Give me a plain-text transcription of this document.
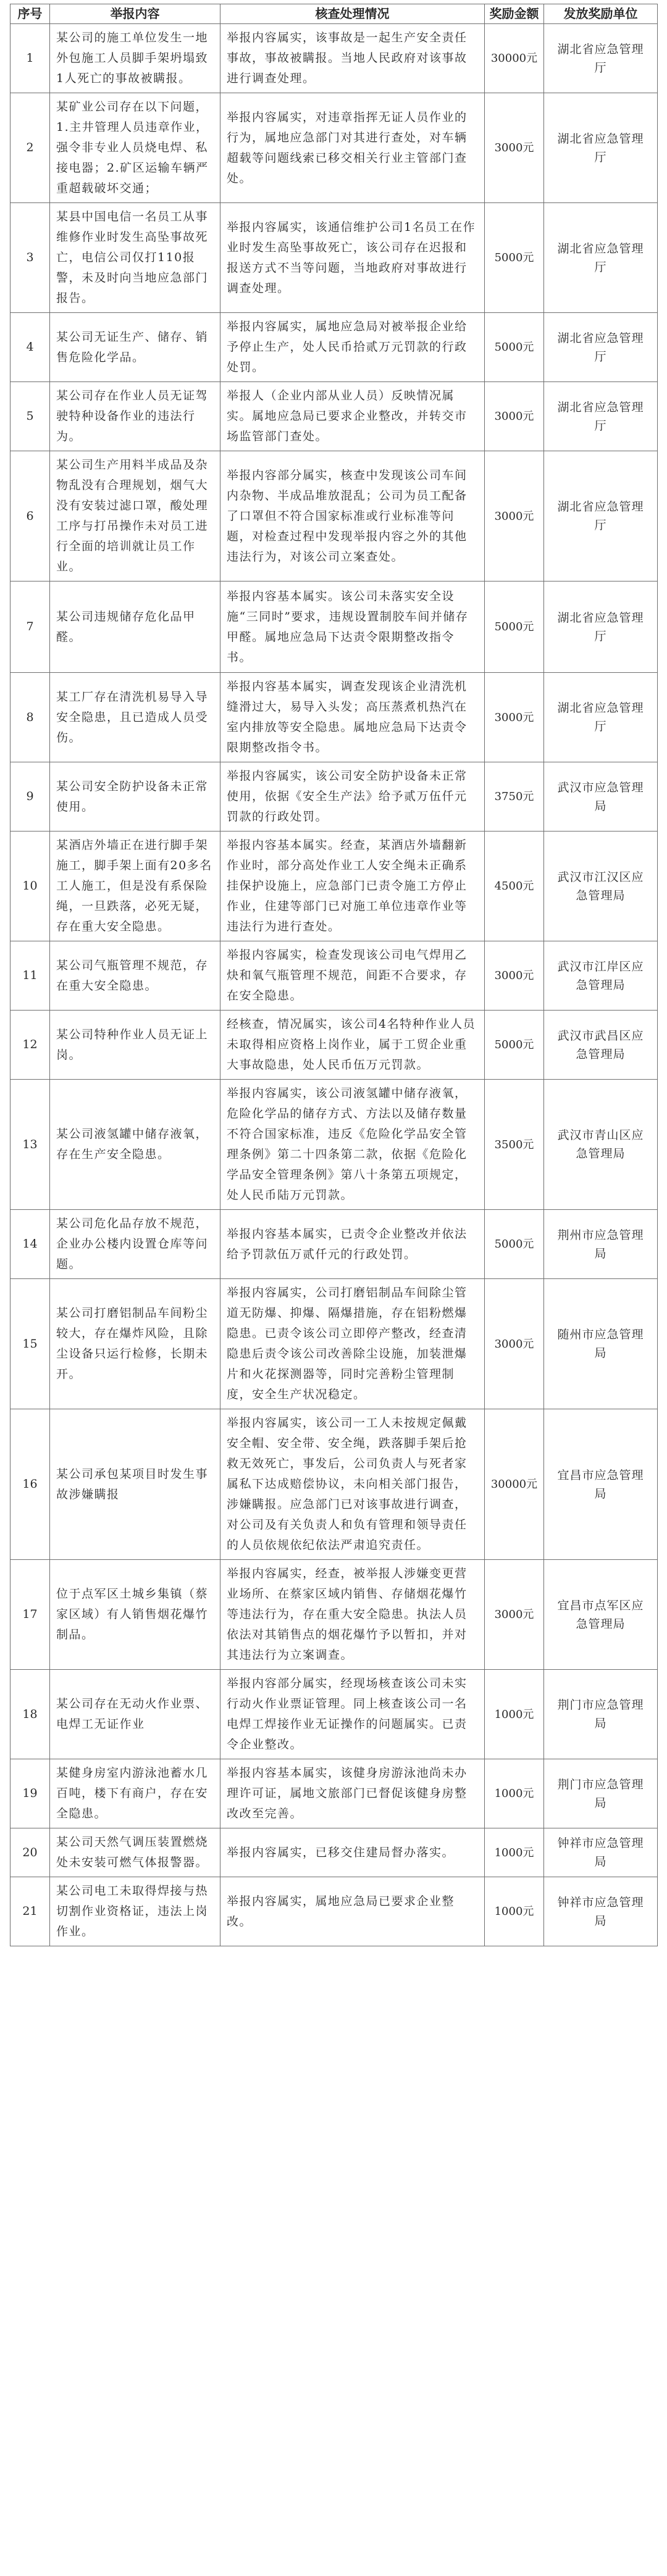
序号	举报内容	核查处理情况	奖励金额	发放奖励单位
1	某公司的施工单位发生一地外包施工人员脚手架坍塌致1人死亡的事故被瞒报。	举报内容属实，该事故是一起生产安全责任事故，事故被瞒报。当地人民政府对该事故进行调查处理。	30000元	湖北省应急管理厅
2	某矿业公司存在以下问题，1.主井管理人员违章作业，强令非专业人员烧电焊、私接电器；2.矿区运输车辆严重超载破坏交通；	举报内容属实，对违章指挥无证人员作业的行为，属地应急部门对其进行查处，对车辆超载等问题线索已移交相关行业主管部门查处。	3000元	湖北省应急管理厅
3	某县中国电信一名员工从事维修作业时发生高坠事故死亡，电信公司仅打110报警，未及时向当地应急部门报告。	举报内容属实，该通信维护公司1名员工在作业时发生高坠事故死亡，该公司存在迟报和报送方式不当等问题，当地政府对事故进行调查处理。	5000元	湖北省应急管理厅
4	某公司无证生产、储存、销售危险化学品。	举报内容属实，属地应急局对被举报企业给予停止生产，处人民币拾贰万元罚款的行政处罚。	5000元	湖北省应急管理厅
5	某公司存在作业人员无证驾驶特种设备作业的违法行为。	举报人（企业内部从业人员）反映情况属实。属地应急局已要求企业整改，并转交市场监管部门查处。	3000元	湖北省应急管理厅
6	某公司生产用料半成品及杂物乱没有合理规划，烟气大没有安装过滤口罩，酸处理工序与打吊操作未对员工进行全面的培训就让员工作业。	举报内容部分属实，核查中发现该公司车间内杂物、半成品堆放混乱；公司为员工配备了口罩但不符合国家标准或行业标准等问题，对检查过程中发现举报内容之外的其他违法行为，对该公司立案查处。	3000元	湖北省应急管理厅
7	某公司违规储存危化品甲醛。	举报内容基本属实。该公司未落实安全设施“三同时”要求，违规设置制胶车间并储存甲醛。属地应急局下达责令限期整改指令书。	5000元	湖北省应急管理厅
8	某工厂存在清洗机易导入导安全隐患，且已造成人员受伤。	举报内容基本属实，调查发现该企业清洗机缝滑过大，易导入头发；高压蒸煮机热汽在室内排放等安全隐患。属地应急局下达责令限期整改指令书。	3000元	湖北省应急管理厅
9	某公司安全防护设备未正常使用。	举报内容属实，该公司安全防护设备未正常使用，依据《安全生产法》给予贰万伍仟元罚款的行政处罚。	3750元	武汉市应急管理局
10	某酒店外墙正在进行脚手架施工，脚手架上面有20多名工人施工，但是没有系保险绳，一旦跌落，必死无疑，存在重大安全隐患。	举报内容基本属实。经查，某酒店外墙翻新作业时，部分高处作业工人安全绳未正确系挂保护设施上，应急部门已责令施工方停止作业，住建等部门已对施工单位违章作业等违法行为进行查处。	4500元	武汉市江汉区应急管理局
11	某公司气瓶管理不规范，存在重大安全隐患。	举报内容属实，检查发现该公司电气焊用乙炔和氧气瓶管理不规范，间距不合要求，存在安全隐患。	3000元	武汉市江岸区应急管理局
12	某公司特种作业人员无证上岗。	经核查，情况属实，该公司4名特种作业人员未取得相应资格上岗作业，属于工贸企业重大事故隐患，处人民币伍万元罚款。	5000元	武汉市武昌区应急管理局
13	某公司液氢罐中储存液氧，存在生产安全隐患。	举报内容属实，该公司液氢罐中储存液氧，危险化学品的储存方式、方法以及储存数量不符合国家标准，违反《危险化学品安全管理条例》第二十四条第二款，依据《危险化学品安全管理条例》第八十条第五项规定，处人民币陆万元罚款。	3500元	武汉市青山区应急管理局
14	某公司危化品存放不规范，企业办公楼内设置仓库等问题。	举报内容基本属实，已责令企业整改并依法给予罚款伍万贰仟元的行政处罚。	5000元	荆州市应急管理局
15	某公司打磨铝制品车间粉尘较大，存在爆炸风险，且除尘设备只运行检修，长期未开。	举报内容属实，公司打磨铝制品车间除尘管道无防爆、抑爆、隔爆措施，存在铝粉燃爆隐患。已责令该公司立即停产整改，经查清隐患后责令该公司改善除尘设施，加装泄爆片和火花探测器等，同时完善粉尘管理制度，安全生产状况稳定。	3000元	随州市应急管理局
16	某公司承包某项目时发生事故涉嫌瞒报	举报内容属实，该公司一工人未按规定佩戴安全帽、安全带、安全绳，跌落脚手架后抢救无效死亡，事发后，公司负责人与死者家属私下达成赔偿协议，未向相关部门报告，涉嫌瞒报。应急部门已对该事故进行调查，对公司及有关负责人和负有管理和领导责任的人员依规依纪依法严肃追究责任。	30000元	宜昌市应急管理局
17	位于点军区土城乡集镇（蔡家区域）有人销售烟花爆竹制品。	举报内容属实，经查，被举报人涉嫌变更营业场所、在蔡家区域内销售、存储烟花爆竹等违法行为，存在重大安全隐患。执法人员依法对其销售点的烟花爆竹予以暂扣，并对其违法行为立案调查。	3000元	宜昌市点军区应急管理局
18	某公司存在无动火作业票、电焊工无证作业	举报内容部分属实，经现场核查该公司未实行动火作业票证管理。同上核查该公司一名电焊工焊接作业无证操作的问题属实。已责令企业整改。	1000元	荆门市应急管理局
19	某健身房室内游泳池蓄水几百吨，楼下有商户，存在安全隐患。	举报内容基本属实，该健身房游泳池尚未办理许可证，属地文旅部门已督促该健身房整改改至完善。	1000元	荆门市应急管理局
20	某公司天然气调压装置燃烧处未安装可燃气体报警器。	举报内容属实，已移交住建局督办落实。	1000元	钟祥市应急管理局
21	某公司电工未取得焊接与热切割作业资格证，违法上岗作业。	举报内容属实，属地应急局已要求企业整改。	1000元	钟祥市应急管理局
